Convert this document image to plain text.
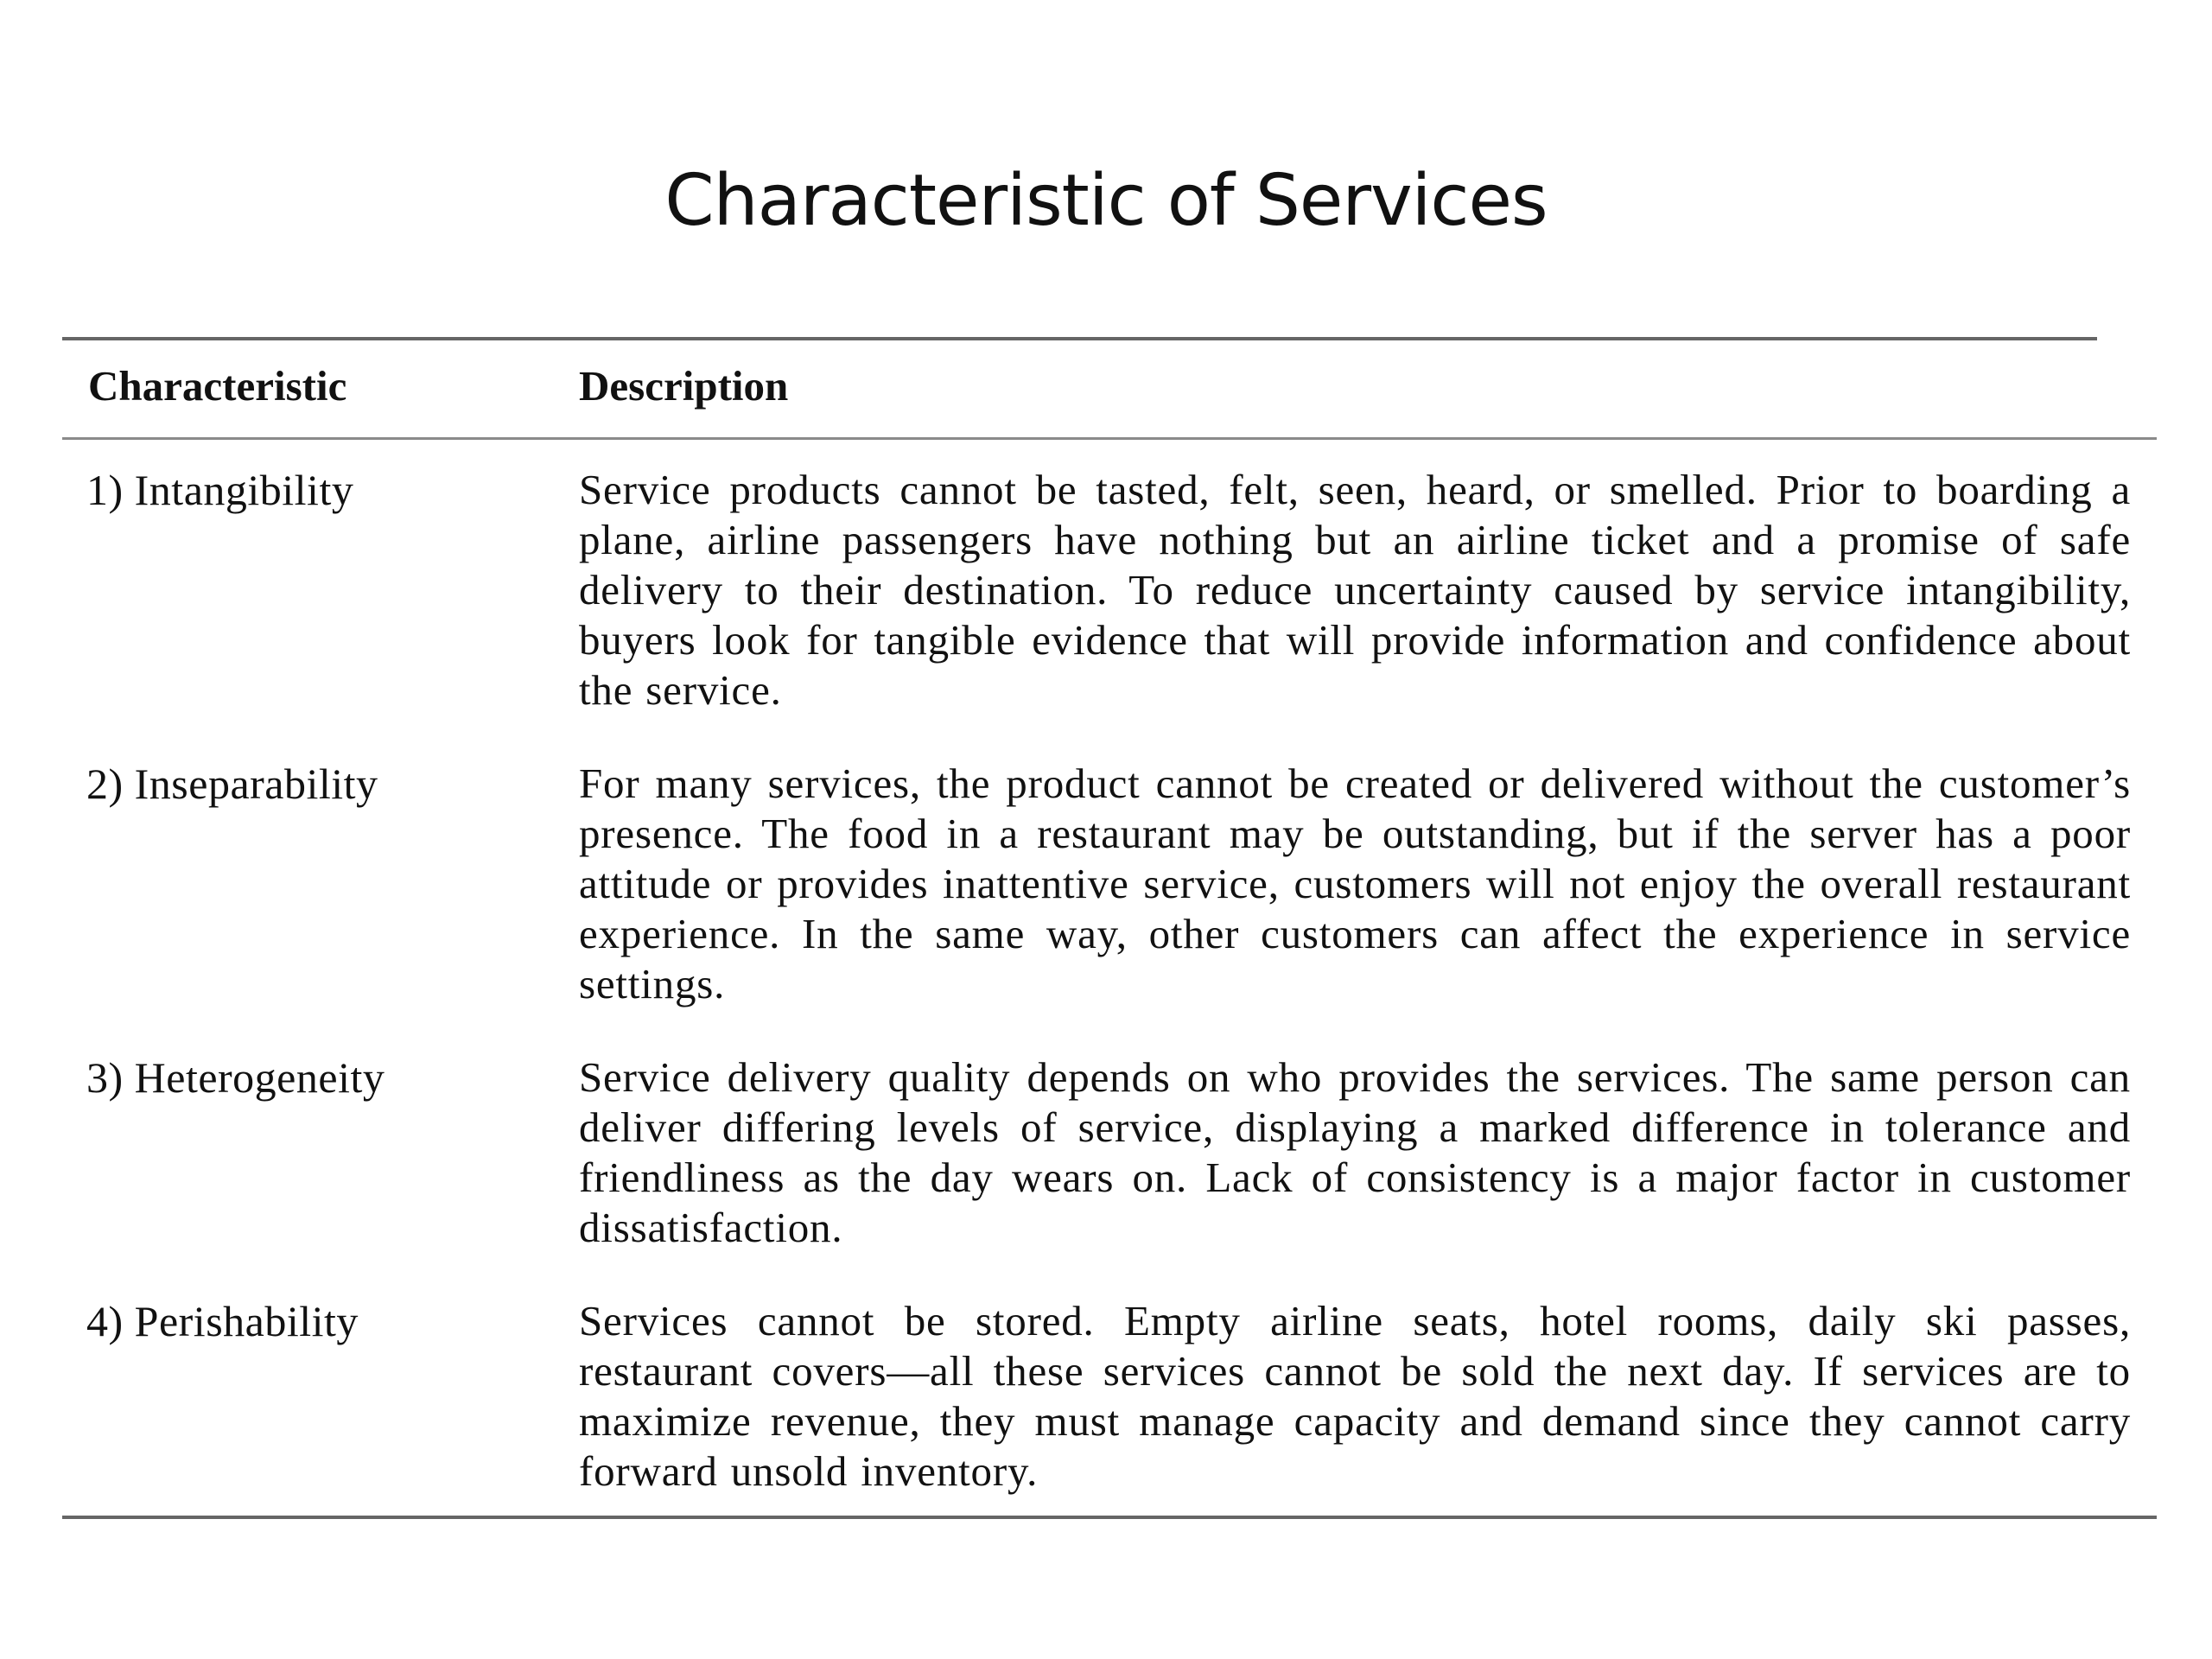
Characteristic of Services
Characteristic	Description
1) Intangibility	Service products cannot be tasted, felt, seen, heard, or smelled. Prior to boarding a plane, airline passengers have nothing but an airline ticket and a promise of safe delivery to their destination. To reduce uncertainty caused by service intangibility, buyers look for tangible evidence that will provide information and confidence about the service.
2) Inseparability	For many services, the product cannot be created or delivered without the customer’s presence. The food in a restaurant may be outstanding, but if the server has a poor attitude or provides inattentive service, customers will not enjoy the overall restaurant experience. In the same way, other customers can affect the experience in service settings.
3) Heterogeneity	Service delivery quality depends on who provides the services. The same person can deliver differing levels of service, displaying a marked difference in tolerance and friendliness as the day wears on. Lack of consistency is a major factor in customer dissatisfaction.
4) Perishability	Services cannot be stored. Empty airline seats, hotel rooms, daily ski passes, restaurant covers—all these services cannot be sold the next day. If services are to maximize revenue, they must manage capacity and demand since they cannot carry forward unsold inventory.
